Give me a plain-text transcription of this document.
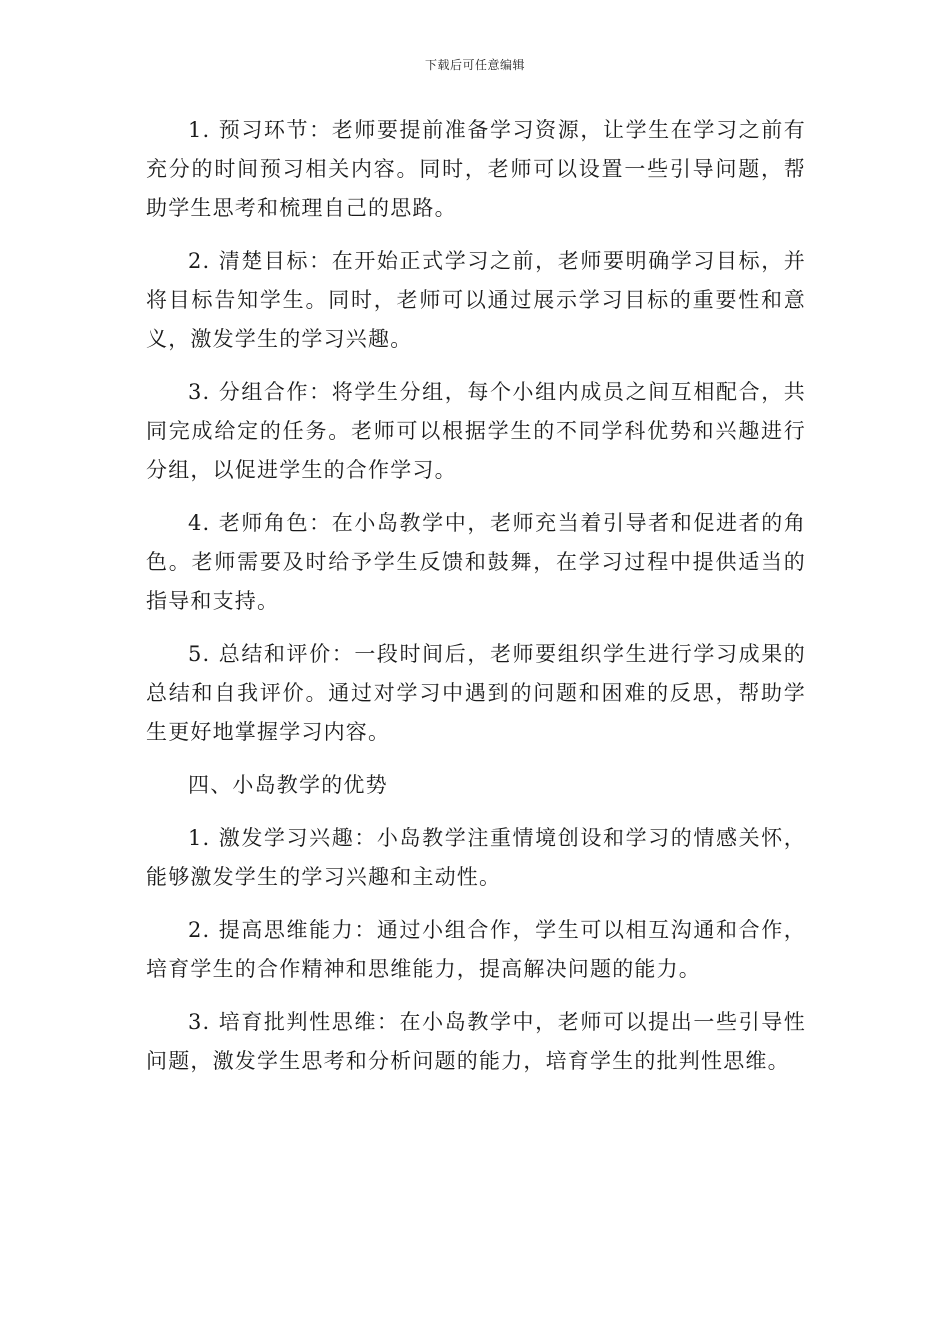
下载后可任意编辑

1. 预习环节：老师要提前准备学习资源，让学生在学习之前有充分的时间预习相关内容。同时，老师可以设置一些引导问题，帮助学生思考和梳理自己的思路。

2. 清楚目标：在开始正式学习之前，老师要明确学习目标，并将目标告知学生。同时，老师可以通过展示学习目标的重要性和意义，激发学生的学习兴趣。

3. 分组合作：将学生分组，每个小组内成员之间互相配合，共同完成给定的任务。老师可以根据学生的不同学科优势和兴趣进行分组，以促进学生的合作学习。

4. 老师角色：在小岛教学中，老师充当着引导者和促进者的角色。老师需要及时给予学生反馈和鼓舞，在学习过程中提供适当的指导和支持。

5. 总结和评价：一段时间后，老师要组织学生进行学习成果的总结和自我评价。通过对学习中遇到的问题和困难的反思，帮助学生更好地掌握学习内容。

四、小岛教学的优势

1. 激发学习兴趣：小岛教学注重情境创设和学习的情感关怀，能够激发学生的学习兴趣和主动性。

2. 提高思维能力：通过小组合作，学生可以相互沟通和合作，培育学生的合作精神和思维能力，提高解决问题的能力。

3. 培育批判性思维：在小岛教学中，老师可以提出一些引导性问题，激发学生思考和分析问题的能力，培育学生的批判性思维。
